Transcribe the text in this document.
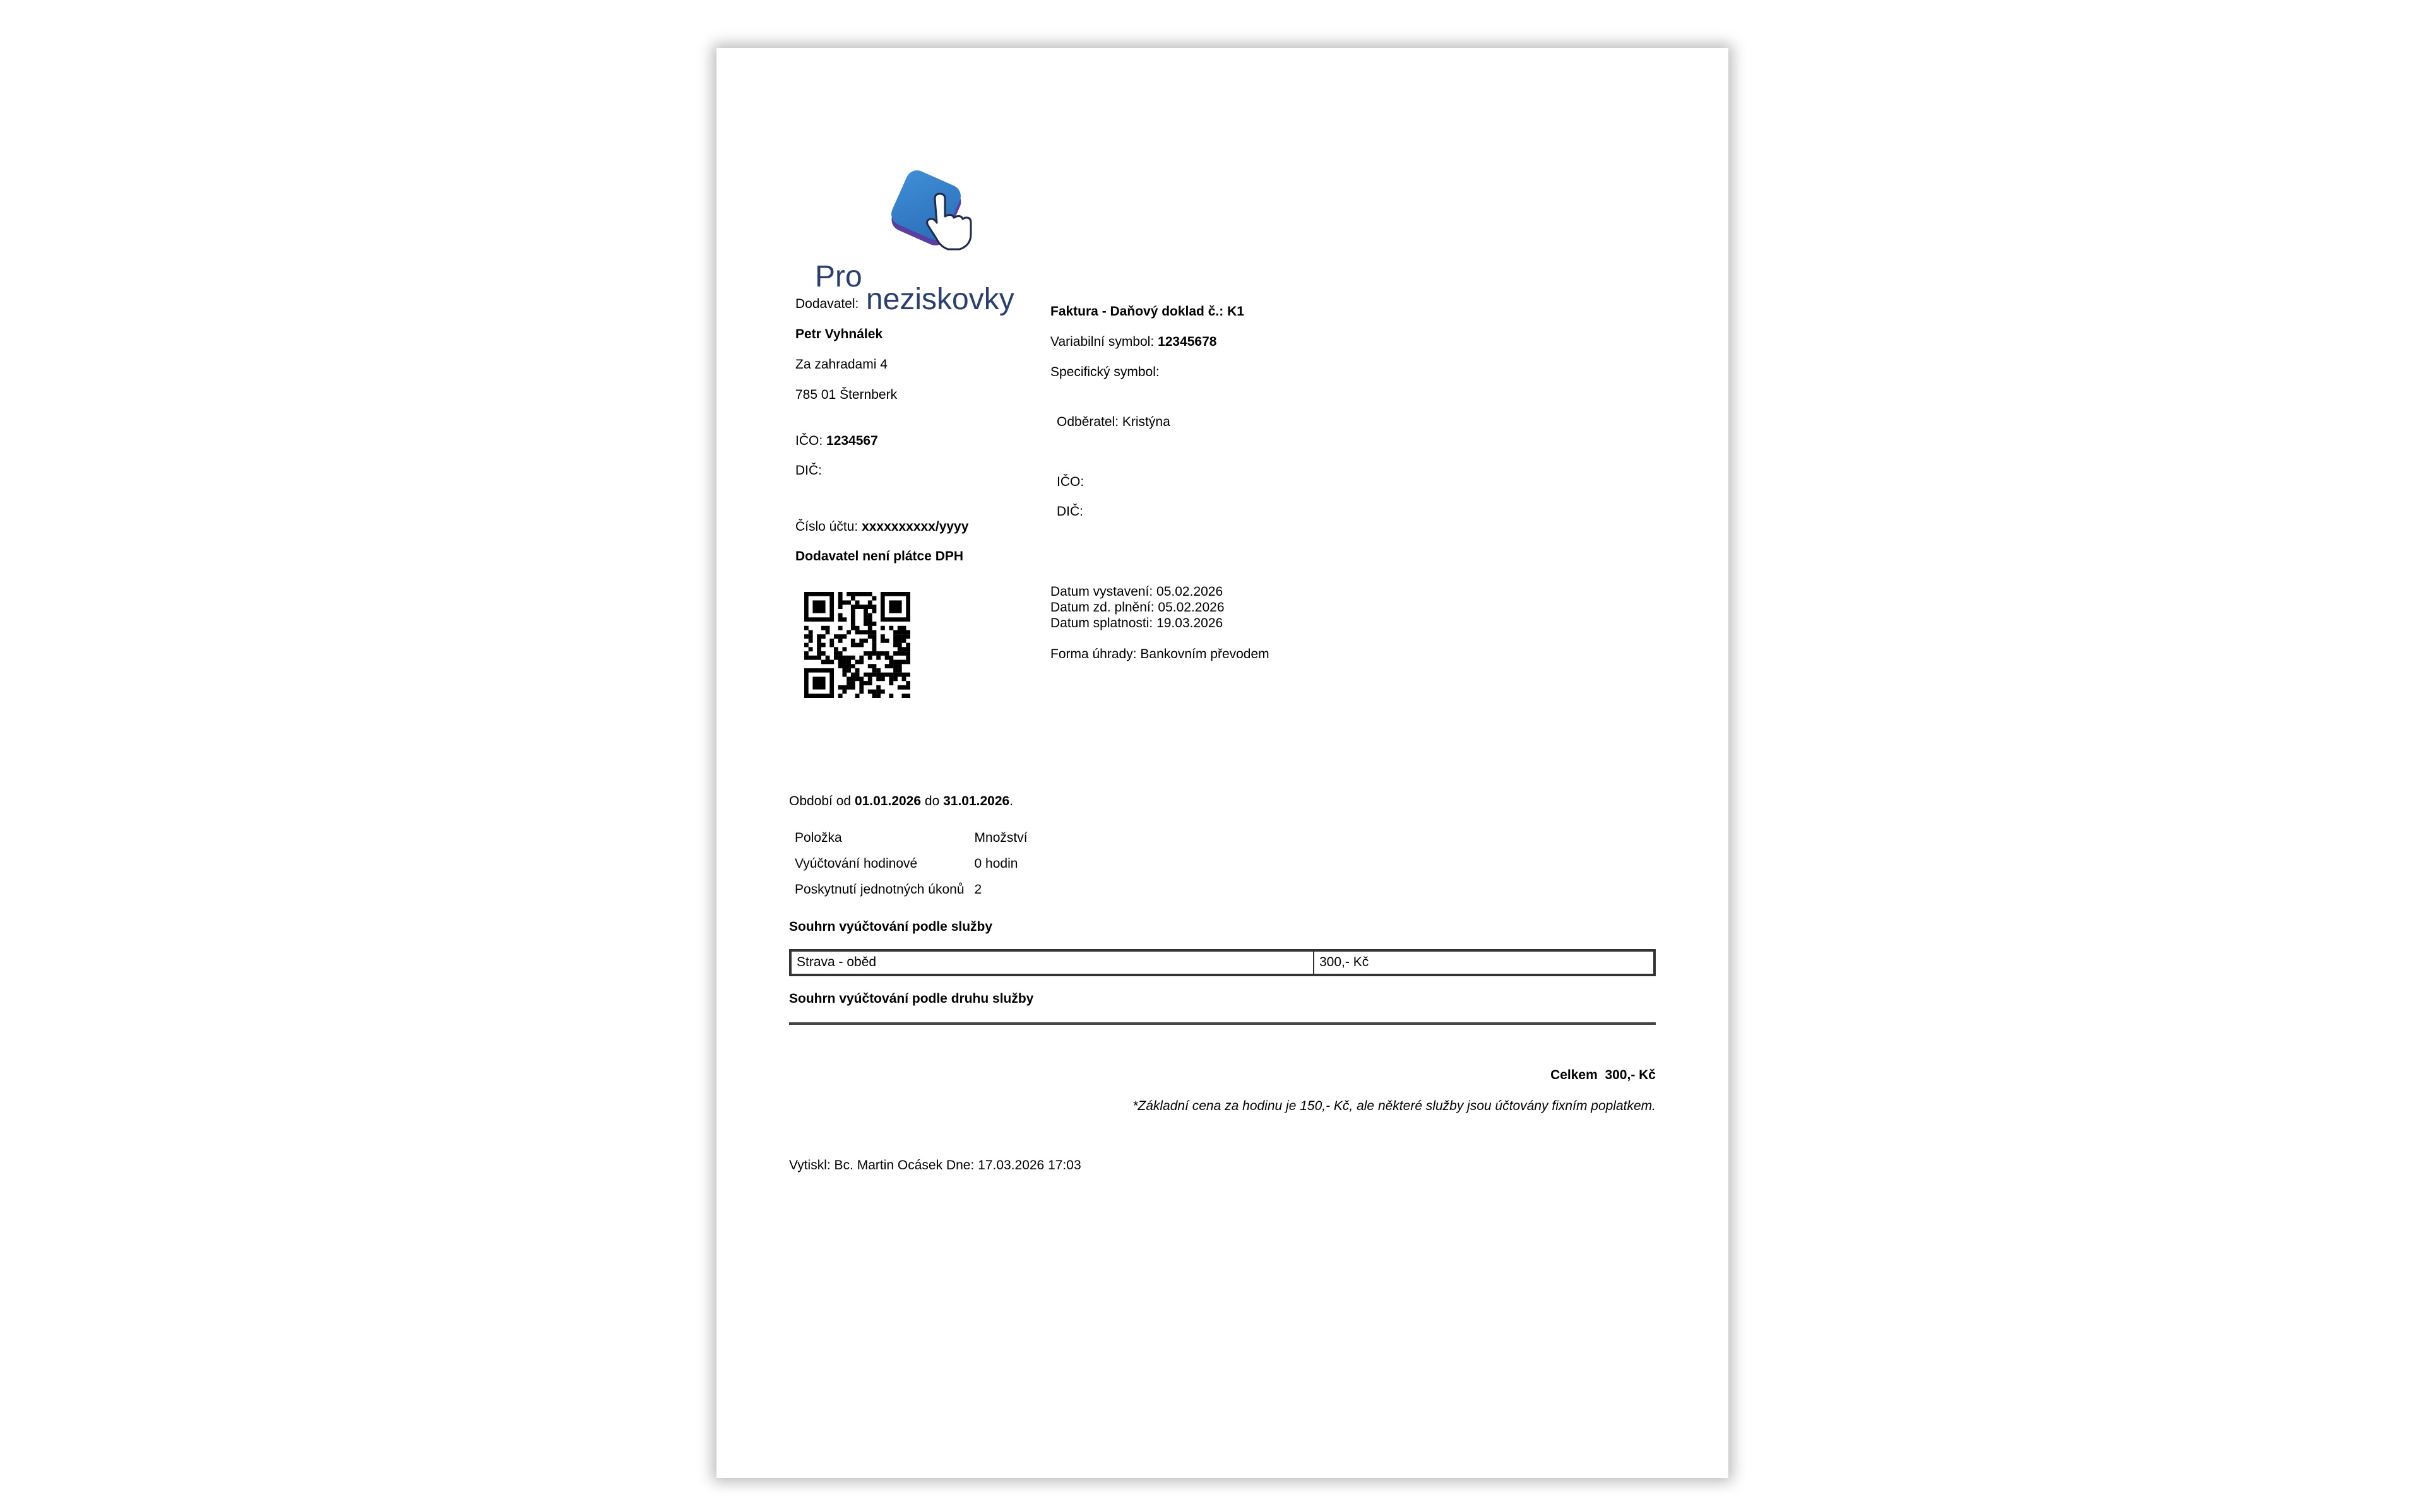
Pro
neziskovky
Dodavatel:
Petr Vyhnálek
Za zahradami 4
785 01 Šternberk
IČO: 1234567
DIČ:
Číslo účtu: xxxxxxxxxx/yyyy
Dodavatel není plátce DPH
Faktura - Daňový doklad č.: K1
Variabilní symbol: 12345678
Specifický symbol:
Odběratel: Kristýna
IČO:
DIČ:
Datum vystavení: 05.02.2026
Datum zd. plnění: 05.02.2026
Datum splatnosti: 19.03.2026
Forma úhrady: Bankovním převodem
Období od 01.01.2026 do 31.01.2026.
Položka	Množství
Vyúčtování hodinové	0 hodin
Poskytnutí jednotných úkonů	2
Souhrn vyúčtování podle služby
Strava - oběd	300,- Kč
Souhrn vyúčtování podle druhu služby
Celkem  300,- Kč
*Základní cena za hodinu je 150,- Kč, ale některé služby jsou účtovány fixním poplatkem.
Vytiskl: Bc. Martin Ocásek Dne: 17.03.2026 17:03
